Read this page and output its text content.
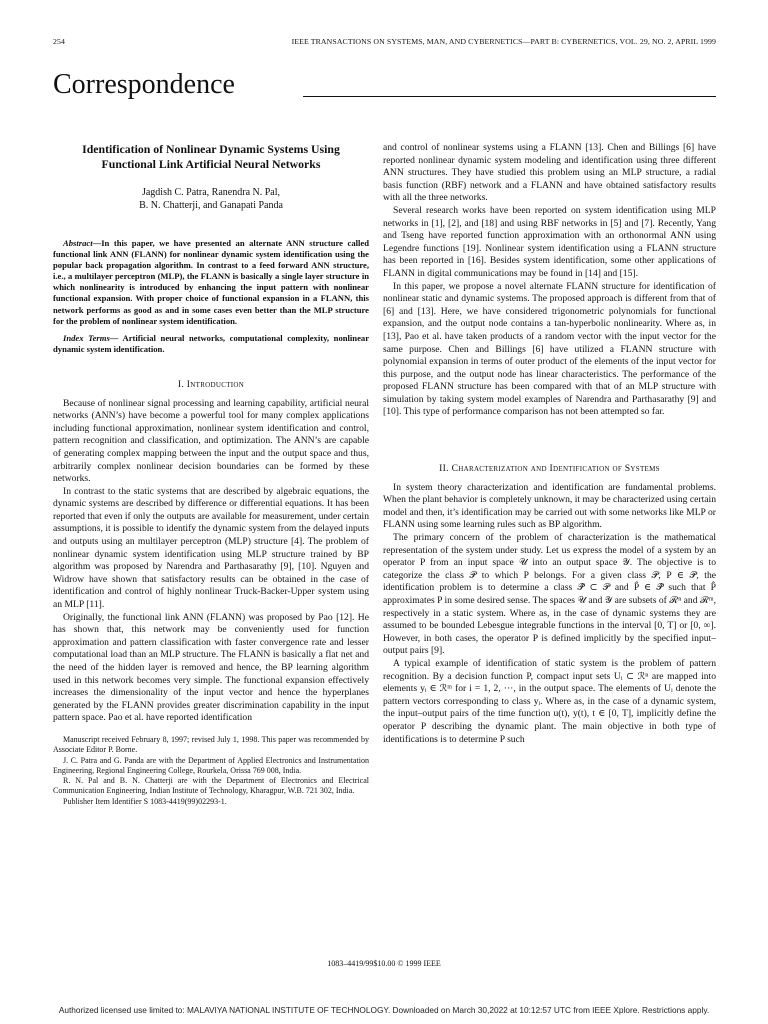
254	IEEE TRANSACTIONS ON SYSTEMS, MAN, AND CYBERNETICS—PART B: CYBERNETICS, VOL. 29, NO. 2, APRIL 1999
Correspondence
Identification of Nonlinear Dynamic Systems Using
Functional Link Artificial Neural Networks
Jagdish C. Patra, Ranendra N. Pal,
B. N. Chatterji, and Ganapati Panda

Abstract—In this paper, we have presented an alternate ANN structure called functional link ANN (FLANN) for nonlinear dynamic system identification using the popular back propagation algorithm. In contrast to a feed forward ANN structure, i.e., a multilayer perceptron (MLP), the FLANN is basically a single layer structure in which nonlinearity is introduced by enhancing the input pattern with nonlinear functional expansion. With proper choice of functional expansion in a FLANN, this network performs as good as and in some cases even better than the MLP structure for the problem of nonlinear system identification.

Index Terms— Artificial neural networks, computational complexity, nonlinear dynamic system identification.

I. Introduction

Because of nonlinear signal processing and learning capability, artificial neural networks (ANN’s) have become a powerful tool for many complex applications including functional approximation, nonlinear system identification and control, pattern recognition and classification, and optimization. The ANN’s are capable of generating complex mapping between the input and the output space and thus, arbitrarily complex nonlinear decision boundaries can be formed by these networks.

In contrast to the static systems that are described by algebraic equations, the dynamic systems are described by difference or differential equations. It has been reported that even if only the outputs are available for measurement, under certain assumptions, it is possible to identify the dynamic system from the delayed inputs and outputs using an multilayer perceptron (MLP) structure [4]. The problem of nonlinear dynamic system identification using MLP structure trained by BP algorithm was proposed by Narendra and Parthasarathy [9], [10]. Nguyen and Widrow have shown that satisfactory results can be obtained in the case of identification and control of highly nonlinear Truck-Backer-Upper system using an MLP [11].

Originally, the functional link ANN (FLANN) was proposed by Pao [12]. He has shown that, this network may be conveniently used for function approximation and pattern classification with faster convergence rate and lesser computational load than an MLP structure. The FLANN is basically a flat net and the need of the hidden layer is removed and hence, the BP learning algorithm used in this network becomes very simple. The functional expansion effectively increases the dimensionality of the input vector and hence the hyperplanes generated by the FLANN provides greater discrimination capability in the input pattern space. Pao et al. have reported identification

Manuscript received February 8, 1997; revised July 1, 1998. This paper was recommended by Associate Editor P. Borne.

J. C. Patra and G. Panda are with the Department of Applied Electronics and Instrumentation Engineering, Regional Engineering College, Rourkela, Orissa 769 008, India.

R. N. Pal and B. N. Chatterji are with the Department of Electronics and Electrical Communication Engineering, Indian Institute of Technology, Kharagpur, W.B. 721 302, India.

Publisher Item Identifier S 1083-4419(99)02293-1.

and control of nonlinear systems using a FLANN [13]. Chen and Billings [6] have reported nonlinear dynamic system modeling and identification using three different ANN structures. They have studied this problem using an MLP structure, a radial basis function (RBF) network and a FLANN and have obtained satisfactory results with all the three networks.

Several research works have been reported on system identification using MLP networks in [1], [2], and [18] and using RBF networks in [5] and [7]. Recently, Yang and Tseng have reported function approximation with an orthonormal ANN using Legendre functions [19]. Nonlinear system identification using a FLANN structure has been reported in [16]. Besides system identification, some other applications of FLANN in digital communications may be found in [14] and [15].

In this paper, we propose a novel alternate FLANN structure for identification of nonlinear static and dynamic systems. The proposed approach is different from that of [6] and [13]. Here, we have considered trigonometric polynomials for functional expansion, and the output node contains a tan-hyperbolic nonlinearity. Where as, in [13], Pao et al. have taken products of a random vector with the input vector for the same purpose. Chen and Billings [6] have utilized a FLANN structure with polynomial expansion in terms of outer product of the elements of the input vector for this purpose, and the output node has linear characteristics. The performance of the proposed FLANN structure has been compared with that of an MLP structure with simulation by taking system model examples of Narendra and Parthasarathy [9] and [10]. This type of performance comparison has not been attempted so far.

II. Characterization and Identification of Systems

In system theory characterization and identification are fundamental problems. When the plant behavior is completely unknown, it may be characterized using certain model and then, it’s identification may be carried out with some networks like MLP or FLANN using some learning rules such as BP algorithm.

The primary concern of the problem of characterization is the mathematical representation of the system under study. Let us express the model of a system by an operator P from an input space 𝒰 into an output space 𝒴. The objective is to categorize the class 𝒫 to which P belongs. For a given class 𝒫, P ∈ 𝒫, the identification problem is to determine a class 𝒫̂ ⊂ 𝒫 and P̂ ∈ 𝒫̂ such that P̂ approximates P in some desired sense. The spaces 𝒰 and 𝒴 are subsets of ℛⁿ and ℛᵐ, respectively in a static system. Where as, in the case of dynamic systems they are assumed to be bounded Lebesgue integrable functions in the interval [0, T] or [0, ∞]. However, in both cases, the operator P is defined implicitly by the specified input–output pairs [9].

A typical example of identification of static system is the problem of pattern recognition. By a decision function P, compact input sets Uᵢ ⊂ ℛⁿ are mapped into elements yᵢ ∈ ℛᵐ for i = 1, 2, ···, in the output space. The elements of Uᵢ denote the pattern vectors corresponding to class yᵢ. Where as, in the case of a dynamic system, the input–output pairs of the time function u(t), y(t), t ∈ [0, T], implicitly define the operator P describing the dynamic plant. The main objective in both type of identifications is to determine P such

1083–4419/99$10.00 © 1999 IEEE
Authorized licensed use limited to: MALAVIYA NATIONAL INSTITUTE OF TECHNOLOGY. Downloaded on March 30,2022 at 10:12:57 UTC from IEEE Xplore. Restrictions apply.
